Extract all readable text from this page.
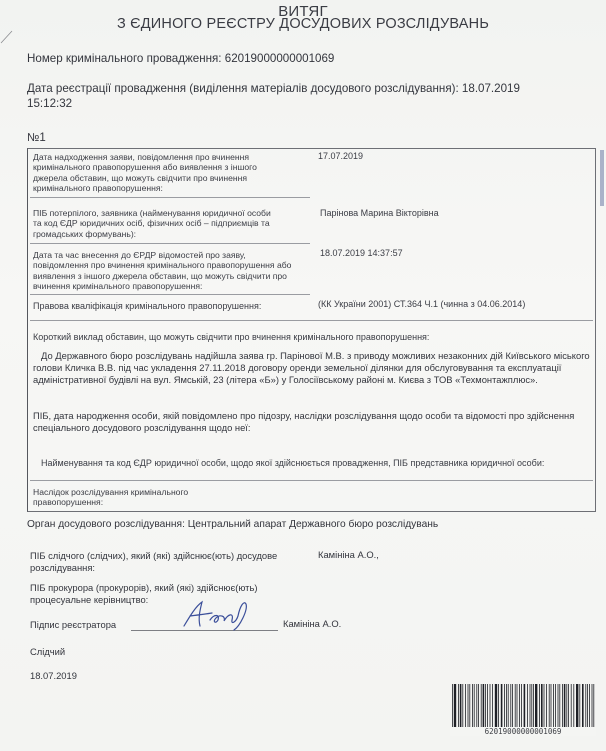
ВИТЯГ
З ЄДИНОГО РЕЄСТРУ ДОСУДОВИХ РОЗСЛІДУВАНЬ
Номер кримінального провадження: 62019000000001069
Дата реєстрації провадження (виділення матеріалів досудового розслідування): 18.07.2019
15:12:32
№1
Дата надходження заяви, повідомлення про вчинення
кримінального правопорушення або виявлення з іншого
джерела обставин, що можуть свідчити про вчинення
кримінального правопорушення:
17.07.2019
ПІБ потерпілого, заявника (найменування юридичної особи
та код ЄДР юридичних осіб, фізичних осіб – підприємців та
громадських формувань):
Парінова Марина Вікторівна
Дата та час внесення до ЄРДР відомостей про заяву,
повідомлення про вчинення кримінального правопорушення або
виявлення з іншого джерела обставин, що можуть свідчити про
вчинення кримінального правопорушення:
18.07.2019 14:37:57
Правова кваліфікація кримінального правопорушення:	(КК України 2001) СТ.364 Ч.1 (чинна з 04.06.2014)
Короткий виклад обставин, що можуть свідчити про вчинення кримінального правопорушення:
До Державного бюро розслідувань надійшла заява гр. Парінової М.В. з приводу можливих незаконних дій Київського міського
голови Кличка В.В. під час укладення 27.11.2018 договору оренди земельної ділянки для обслуговування та експлуатації
адміністративної будівлі на вул. Ямській, 23 (літера «Б») у Голосіївському районі м. Києва з ТОВ «Техмонтажплюс».
ПІБ, дата народження особи, якій повідомлено про підозру, наслідки розслідування щодо особи та відомості про здійснення
спеціального досудового розслідування щодо неї:
Найменування та код ЄДР юридичної особи, щодо якої здійснюється провадження, ПІБ представника юридичної особи:
Наслідок розслідування кримінального
правопорушення:
Орган досудового розслідування: Центральний апарат Державного бюро розслідувань
ПІБ слідчого (слідчих), який (які) здійснює(ють) досудове
розслідування:
Камініна А.О.,
ПІБ прокурора (прокурорів), який (які) здійснює(ють)
процесуальне керівництво:
Підпис реєстратора	Камініна А.О.
Слідчий
18.07.2019
62019000000001069
